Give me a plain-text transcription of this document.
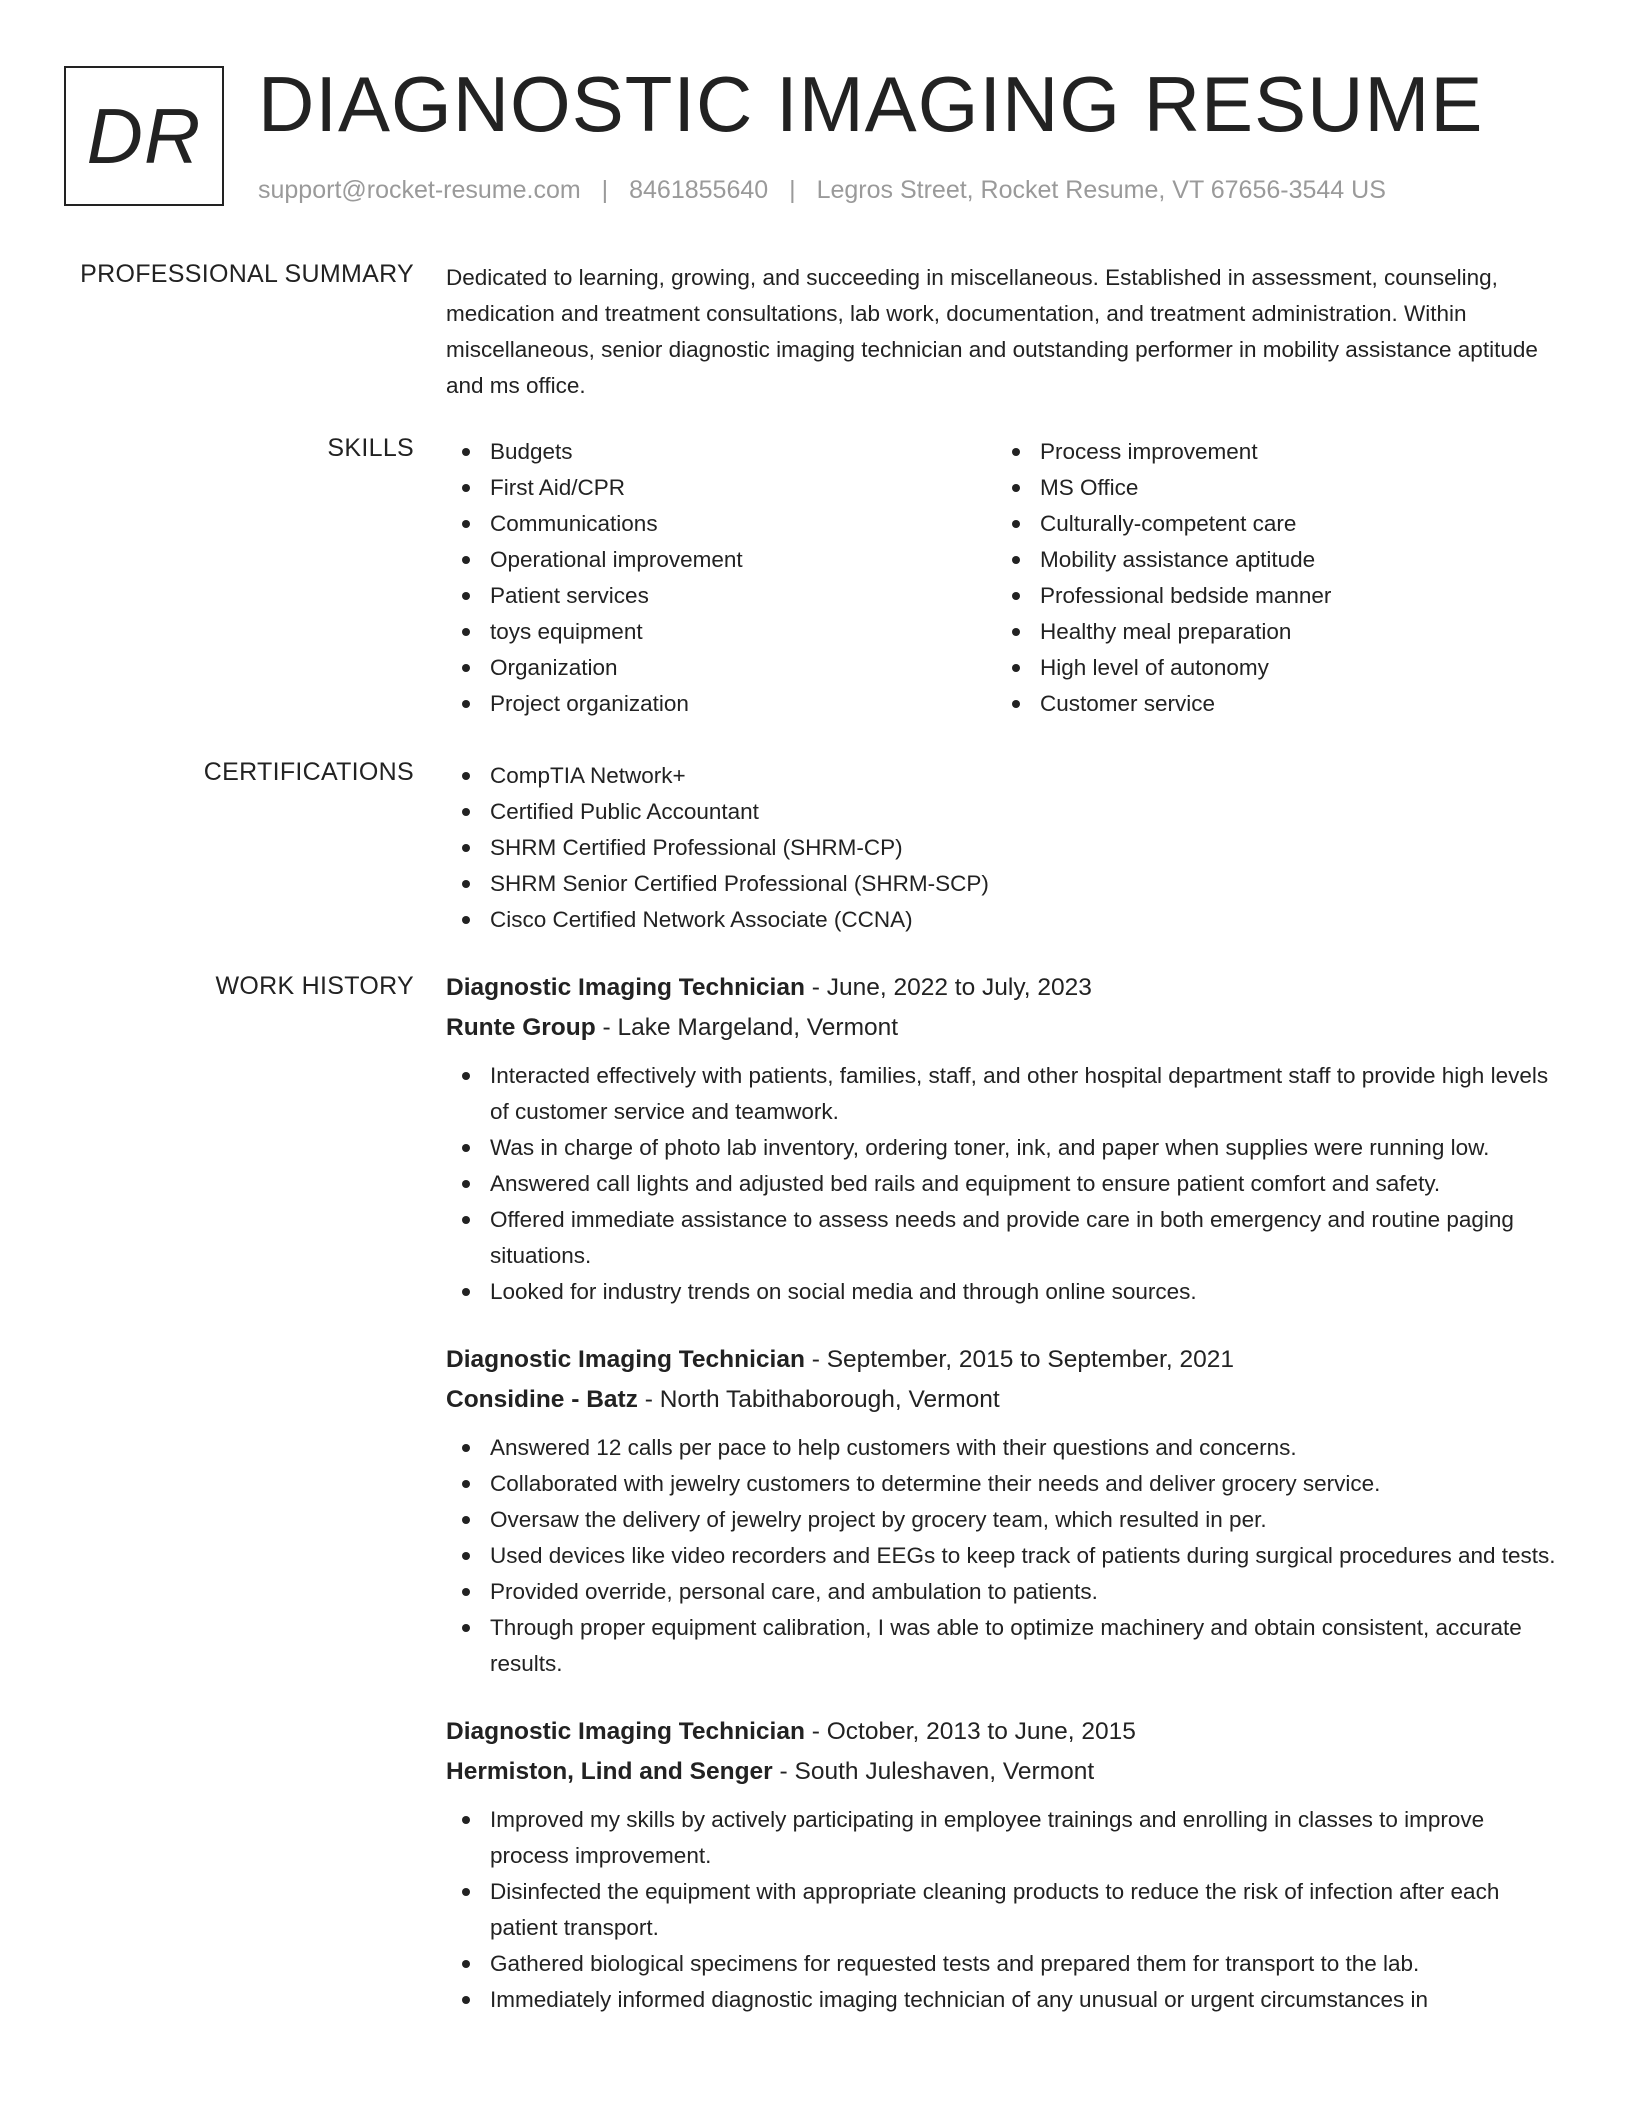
DR DIAGNOSTIC IMAGING RESUME
support@rocket-resume.com | 8461855640 | Legros Street, Rocket Resume, VT 67656-3544 US
PROFESSIONAL SUMMARY Dedicated to learning, growing, and succeeding in miscellaneous. Established in assessment, counseling, medication and treatment consultations, lab work, documentation, and treatment administration. Within miscellaneous, senior diagnostic imaging technician and outstanding performer in mobility assistance aptitude and ms office.

SKILLS	Budgets
First Aid/CPR
Communications
Operational improvement
Patient services
toys equipment
Organization
Project organization
Process improvement
MS Office
Culturally-competent care
Mobility assistance aptitude
Professional bedside manner
Healthy meal preparation
High level of autonomy
Customer service
CERTIFICATIONS	CompTIA Network+
Certified Public Accountant
SHRM Certified Professional (SHRM-CP)
SHRM Senior Certified Professional (SHRM-SCP)
Cisco Certified Network Associate (CCNA)
WORK HISTORY Diagnostic Imaging Technician - June, 2022 to July, 2023
Runte Group - Lake Margeland, Vermont
Interacted effectively with patients, families, staff, and other hospital department staff to provide high levels of customer service and teamwork.
Was in charge of photo lab inventory, ordering toner, ink, and paper when supplies were running low.
Answered call lights and adjusted bed rails and equipment to ensure patient comfort and safety.
Offered immediate assistance to assess needs and provide care in both emergency and routine paging situations.
Looked for industry trends on social media and through online sources.
Diagnostic Imaging Technician - September, 2015 to September, 2021
Considine - Batz - North Tabithaborough, Vermont
Answered 12 calls per pace to help customers with their questions and concerns.
Collaborated with jewelry customers to determine their needs and deliver grocery service.
Oversaw the delivery of jewelry project by grocery team, which resulted in per.
Used devices like video recorders and EEGs to keep track of patients during surgical procedures and tests.
Provided override, personal care, and ambulation to patients.
Through proper equipment calibration, I was able to optimize machinery and obtain consistent, accurate results.
Diagnostic Imaging Technician - October, 2013 to June, 2015
Hermiston, Lind and Senger - South Juleshaven, Vermont
Improved my skills by actively participating in employee trainings and enrolling in classes to improve process improvement.
Disinfected the equipment with appropriate cleaning products to reduce the risk of infection after each patient transport.
Gathered biological specimens for requested tests and prepared them for transport to the lab.
Immediately informed diagnostic imaging technician of any unusual or urgent circumstances in
